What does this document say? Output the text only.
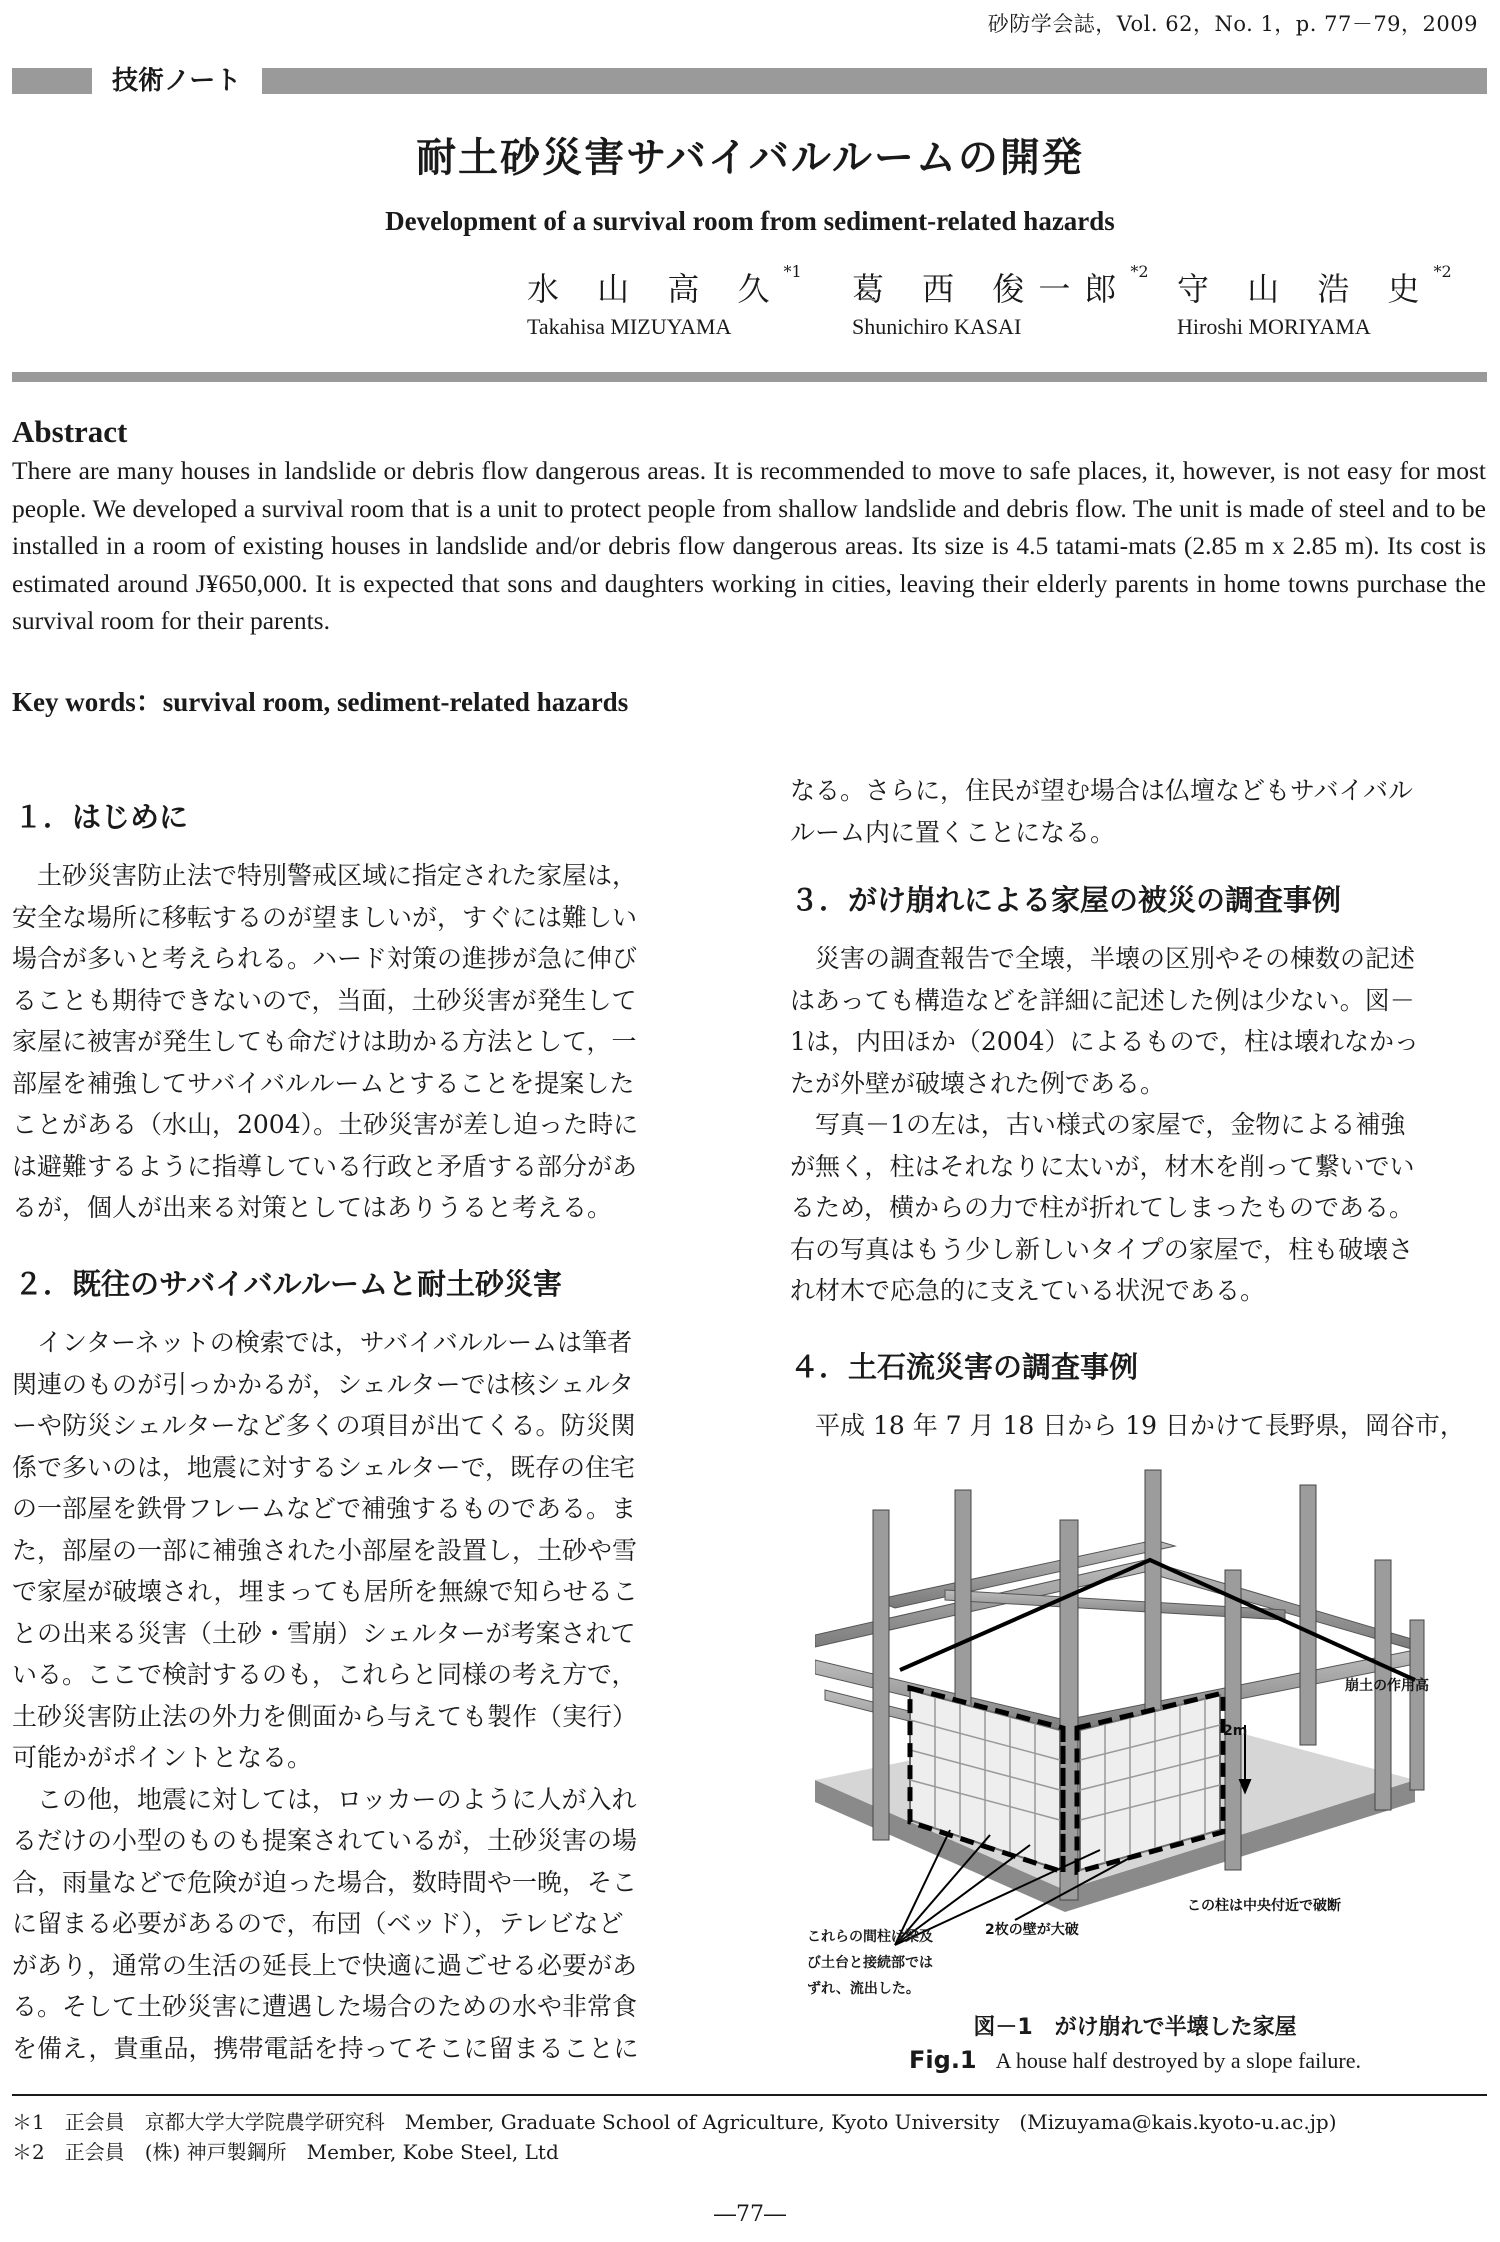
砂防学会誌，Vol. 62，No. 1，p. 77－79，2009
技術ノート
耐土砂災害サバイバルルームの開発
Development of a survival room from sediment-related hazards
水 山 高 久$^{*1}$ 葛 西 俊一郎$^{*2}$ 守 山 浩 史$^{*2}$
Takahisa MIZUYAMA	Shunichiro KASAI	Hiroshi MORIYAMA
Abstract
There are many houses in landslide or debris flow dangerous areas. It is recommended to move to safe places, it, however, is not easy for most people. We developed a survival room that is a unit to protect people from shallow landslide and debris flow. The unit is made of steel and to be installed in a room of existing houses in landslide and/or debris flow dangerous areas. Its size is 4.5 tatami-mats (2.85 m x 2.85 m). Its cost is estimated around J¥650,000. It is expected that sons and daughters working in cities, leaving their elderly parents in home towns purchase the survival room for their parents.
Key words：survival room, sediment-related hazards
１．はじめに
　土砂災害防止法で特別警戒区域に指定された家屋は，
安全な場所に移転するのが望ましいが，すぐには難しい
場合が多いと考えられる。ハード対策の進捗が急に伸び
ることも期待できないので，当面，土砂災害が発生して
家屋に被害が発生しても命だけは助かる方法として，一
部屋を補強してサバイバルルームとすることを提案した
ことがある（水山，2004）。土砂災害が差し迫った時に
は避難するように指導している行政と矛盾する部分があ
るが，個人が出来る対策としてはありうると考える。
２．既往のサバイバルルームと耐土砂災害
　インターネットの検索では，サバイバルルームは筆者
関連のものが引っかかるが，シェルターでは核シェルタ
ーや防災シェルターなど多くの項目が出てくる。防災関
係で多いのは，地震に対するシェルターで，既存の住宅
の一部屋を鉄骨フレームなどで補強するものである。ま
た，部屋の一部に補強された小部屋を設置し，土砂や雪
で家屋が破壊され，埋まっても居所を無線で知らせるこ
との出来る災害（土砂・雪崩）シェルターが考案されて
いる。ここで検討するのも，これらと同様の考え方で，
土砂災害防止法の外力を側面から与えても製作（実行）
可能かがポイントとなる。
　この他，地震に対しては，ロッカーのように人が入れ
るだけの小型のものも提案されているが，土砂災害の場
合，雨量などで危険が迫った場合，数時間や一晩，そこ
に留まる必要があるので，布団（ベッド），テレビなど
があり，通常の生活の延長上で快適に過ごせる必要があ
る。そして土砂災害に遭遇した場合のための水や非常食
を備え，貴重品，携帯電話を持ってそこに留まることに
なる。さらに，住民が望む場合は仏壇などもサバイバル
ルーム内に置くことになる。
３．がけ崩れによる家屋の被災の調査事例
　災害の調査報告で全壊，半壊の区別やその棟数の記述
はあっても構造などを詳細に記述した例は少ない。図－
1は，内田ほか（2004）によるもので，柱は壊れなかっ
たが外壁が破壊された例である。
　写真－1の左は，古い様式の家屋で，金物による補強
が無く，柱はそれなりに太いが，材木を削って繋いでい
るため，横からの力で柱が折れてしまったものである。
右の写真はもう少し新しいタイプの家屋で，柱も破壊さ
れ材木で応急的に支えている状況である。
４．土石流災害の調査事例
平成 18 年 7 月 18 日から 19 日かけて長野県，岡谷市，
2m
崩土の作用高
2枚の壁が大破
この柱は中央付近で破断
これらの間柱は梁及
び土台と接続部では
ずれ、流出した。
図－1　がけ崩れで半壊した家屋
Fig.1 A house half destroyed by a slope failure.
＊1　正会員　京都大学大学院農学研究科　Member, Graduate School of Agriculture, Kyoto University　(Mizuyama@kais.kyoto-u.ac.jp)
＊2　正会員　(株) 神戸製鋼所　Member, Kobe Steel, Ltd
―77―
